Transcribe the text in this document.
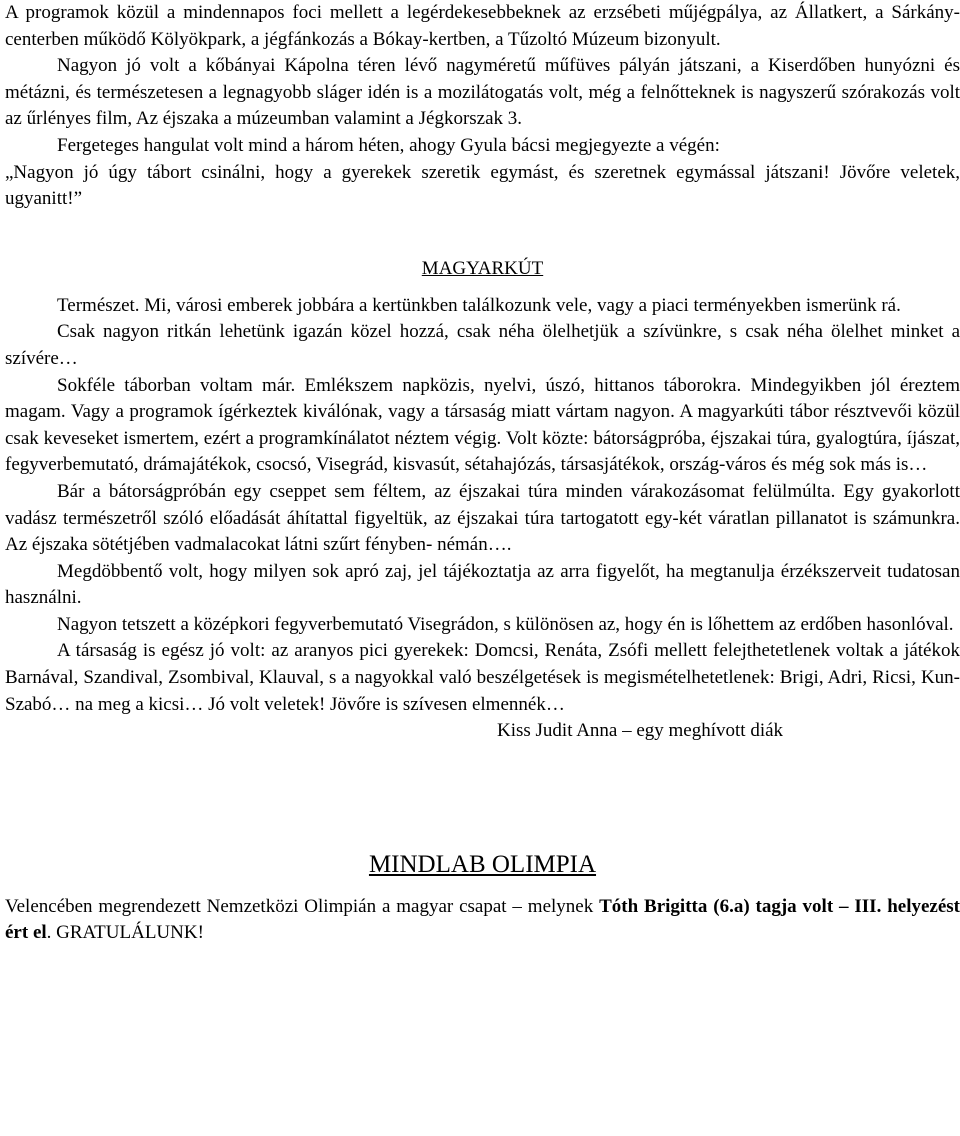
A programok közül a mindennapos foci mellett a legérdekesebbeknek az erzsébeti műjégpálya, az Állatkert, a Sárkány-centerben működő Kölyökpark, a jégfánkozás a Bókay-kertben, a Tűzoltó Múzeum bizonyult.

Nagyon jó volt a kőbányai Kápolna téren lévő nagyméretű műfüves pályán játszani, a Kiserdőben hunyózni és métázni, és természetesen a legnagyobb sláger idén is a mozilátogatás volt, még a felnőtteknek is nagyszerű szórakozás volt az űrlényes film, Az éjszaka a múzeumban valamint a Jégkorszak 3.

Fergeteges hangulat volt mind a három héten, ahogy Gyula bácsi megjegyezte a végén:

„Nagyon jó úgy tábort csinálni, hogy a gyerekek szeretik egymást, és szeretnek egymással játszani! Jövőre veletek, ugyanitt!”

MAGYARKÚT

Természet. Mi, városi emberek jobbára a kertünkben találkozunk vele, vagy a piaci terményekben ismerünk rá.

Csak nagyon ritkán lehetünk igazán közel hozzá, csak néha ölelhetjük a szívünkre, s csak néha ölelhet minket a szívére…

Sokféle táborban voltam már. Emlékszem napközis, nyelvi, úszó, hittanos táborokra. Mindegyikben jól éreztem magam. Vagy a programok ígérkeztek kiválónak, vagy a társaság miatt vártam nagyon. A magyarkúti tábor résztvevői közül csak keveseket ismertem, ezért a programkínálatot néztem végig. Volt közte: bátorságpróba, éjszakai túra, gyalogtúra, íjászat, fegyverbemutató, drámajátékok, csocsó, Visegrád, kisvasút, sétahajózás, társasjátékok, ország-város és még sok más is…

Bár a bátorságpróbán egy cseppet sem féltem, az éjszakai túra minden várakozásomat felülmúlta. Egy gyakorlott vadász természetről szóló előadását áhítattal figyeltük, az éjszakai túra tartogatott egy-két váratlan pillanatot is számunkra. Az éjszaka sötétjében vadmalacokat látni szűrt fényben- némán….

Megdöbbentő volt, hogy milyen sok apró zaj, jel tájékoztatja az arra figyelőt, ha megtanulja érzékszerveit tudatosan használni.

Nagyon tetszett a középkori fegyverbemutató Visegrádon, s különösen az, hogy én is lőhettem az erdőben hasonlóval.

A társaság is egész jó volt: az aranyos pici gyerekek: Domcsi, Renáta, Zsófi mellett felejthetetlenek voltak a játékok Barnával, Szandival, Zsombival, Klauval, s a nagyokkal való beszélgetések is megismételhetetlenek: Brigi, Adri, Ricsi, Kun-Szabó… na meg a kicsi… Jó volt veletek! Jövőre is szívesen elmennék…

Kiss Judit Anna – egy meghívott diák

MINDLAB OLIMPIA

Velencében megrendezett Nemzetközi Olimpián a magyar csapat – melynek Tóth Brigitta (6.a) tagja volt – III. helyezést ért el. GRATULÁLUNK!
